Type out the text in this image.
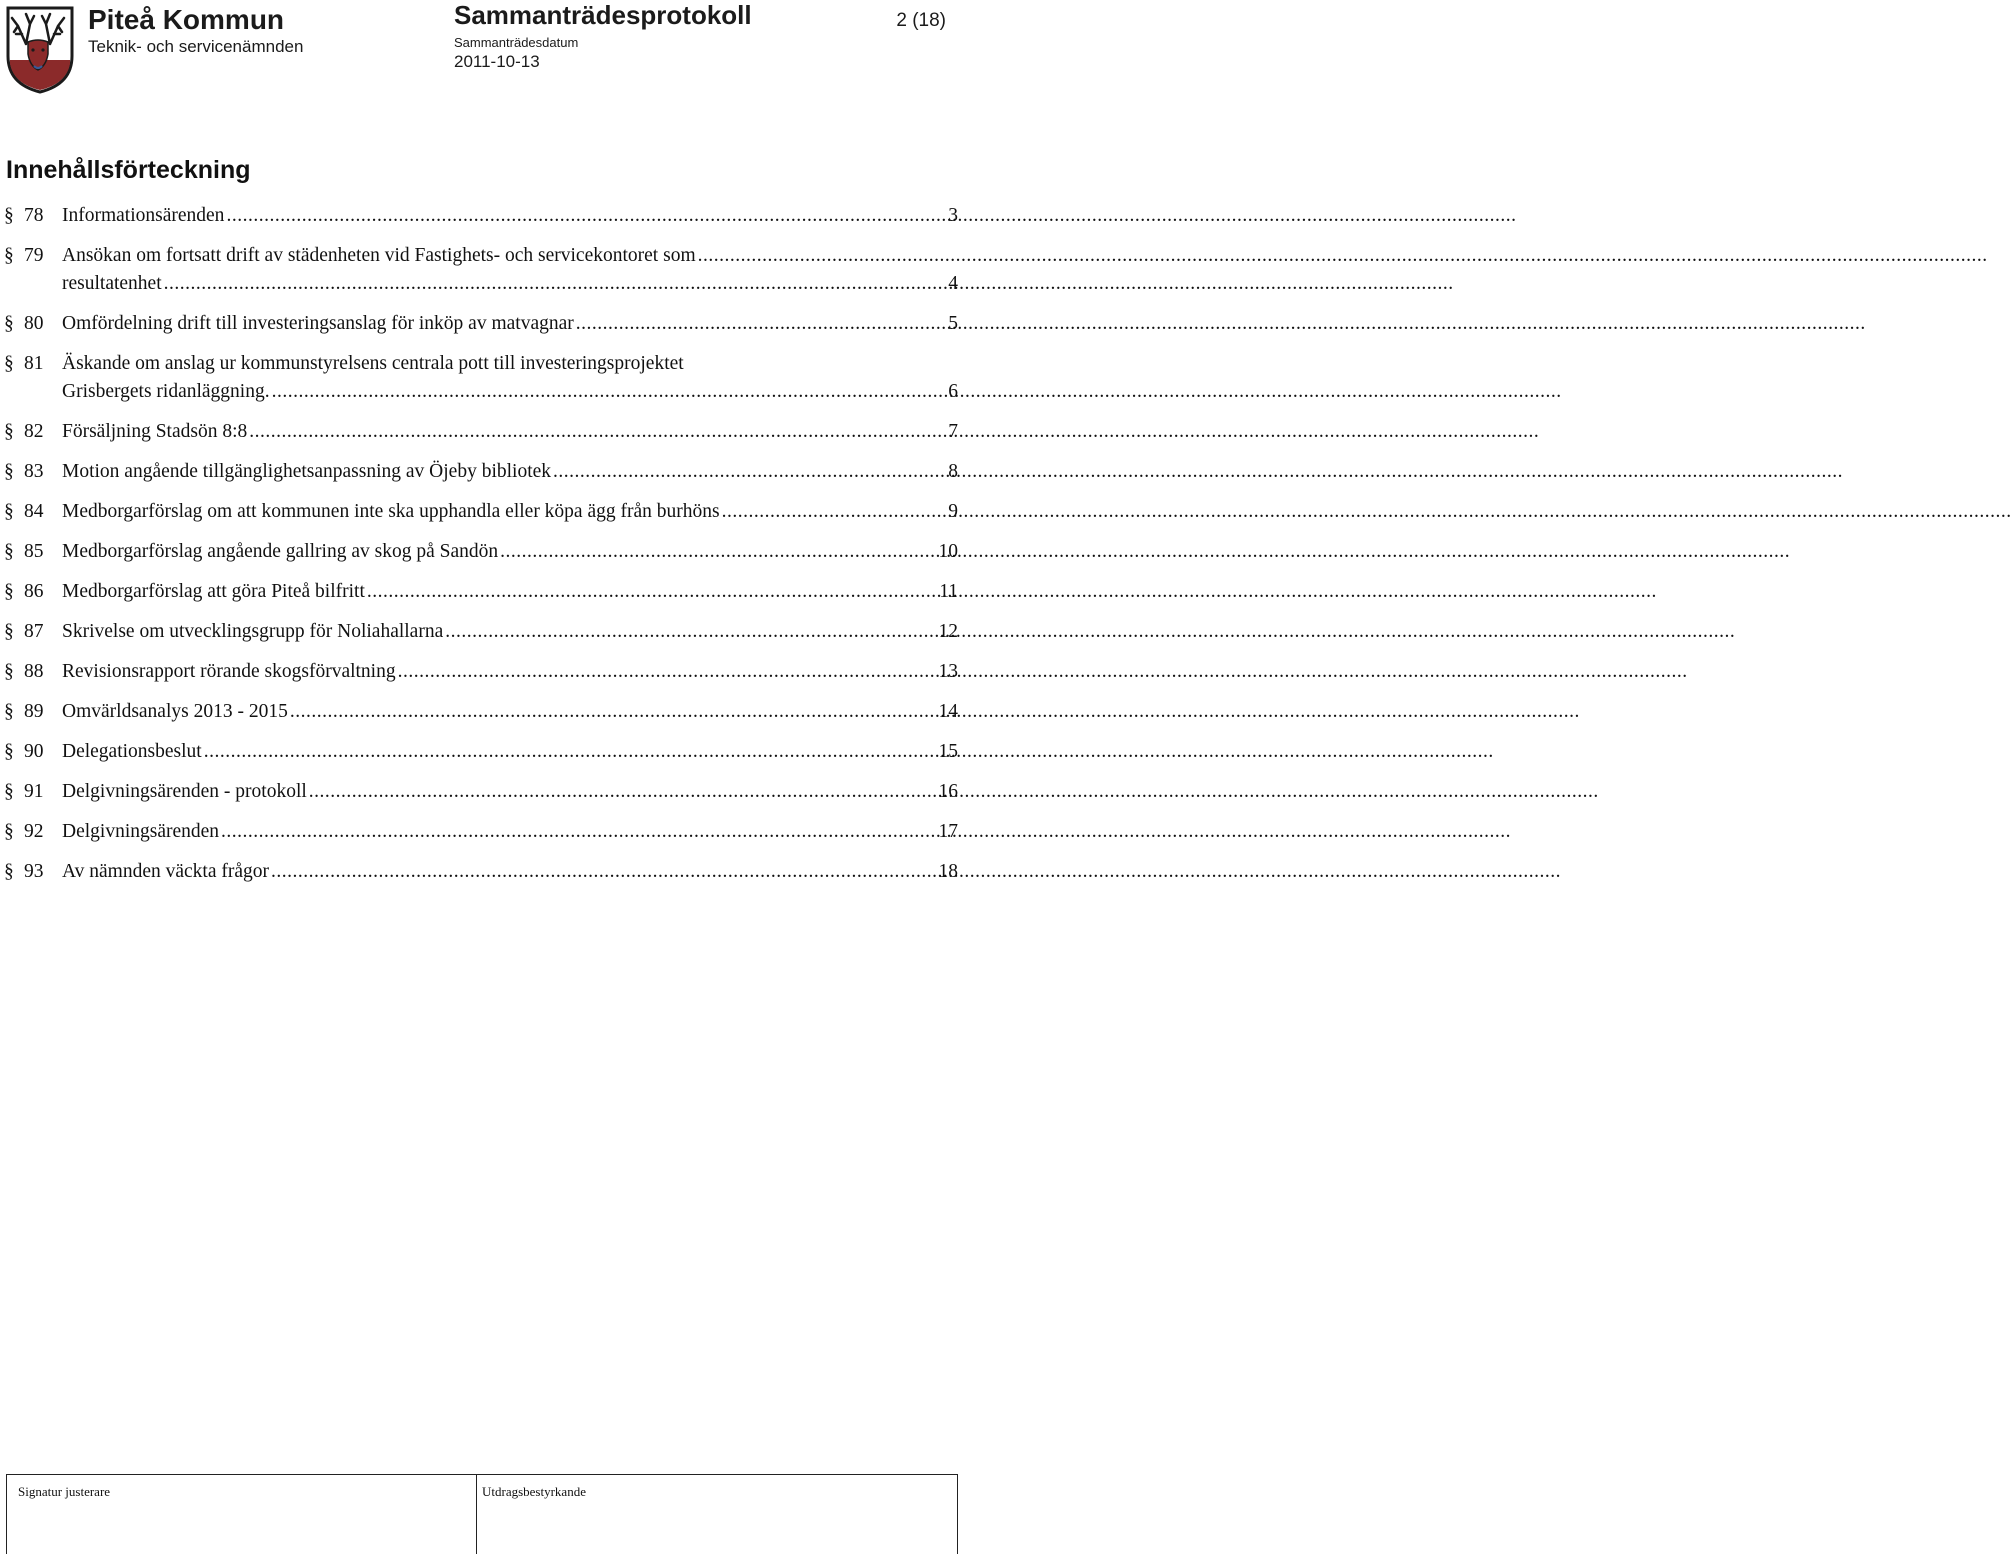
Piteå Kommun
Teknik- och servicenämnden
Sammanträdesprotokoll	2 (18)
Sammanträdesdatum
2011-10-13
Innehållsförteckning
§ 78 Informationsärenden .....	3
§ 79 Ansökan om fortsatt drift av städenheten vid Fastighets- och servicekontoret som
.....
resultatenhet .....	4
§ 80 Omfördelning drift till investeringsanslag för inköp av matvagnar .....	5
§ 81 Äskande om anslag ur kommunstyrelsens centrala pott till investeringsprojektet
Grisbergets ridanläggning. .....	6
§ 82 Försäljning Stadsön 8:8 .....	7
§ 83 Motion angående tillgänglighetsanpassning av Öjeby bibliotek .....	8
§ 84 Medborgarförslag om att kommunen inte ska upphandla eller köpa ägg från burhöns .....	9
§ 85 Medborgarförslag angående gallring av skog på Sandön .....	10
§ 86 Medborgarförslag att göra Piteå bilfritt .....	11
§ 87 Skrivelse om utvecklingsgrupp för Noliahallarna .....	12
§ 88 Revisionsrapport rörande skogsförvaltning .....	13
§ 89 Omvärldsanalys 2013 - 2015 .....	14
§ 90 Delegationsbeslut .....	15
§ 91 Delgivningsärenden - protokoll .....	16
§ 92 Delgivningsärenden .....	17
§ 93 Av nämnden väckta frågor .....	18
Signatur justerare	Utdragsbestyrkande
